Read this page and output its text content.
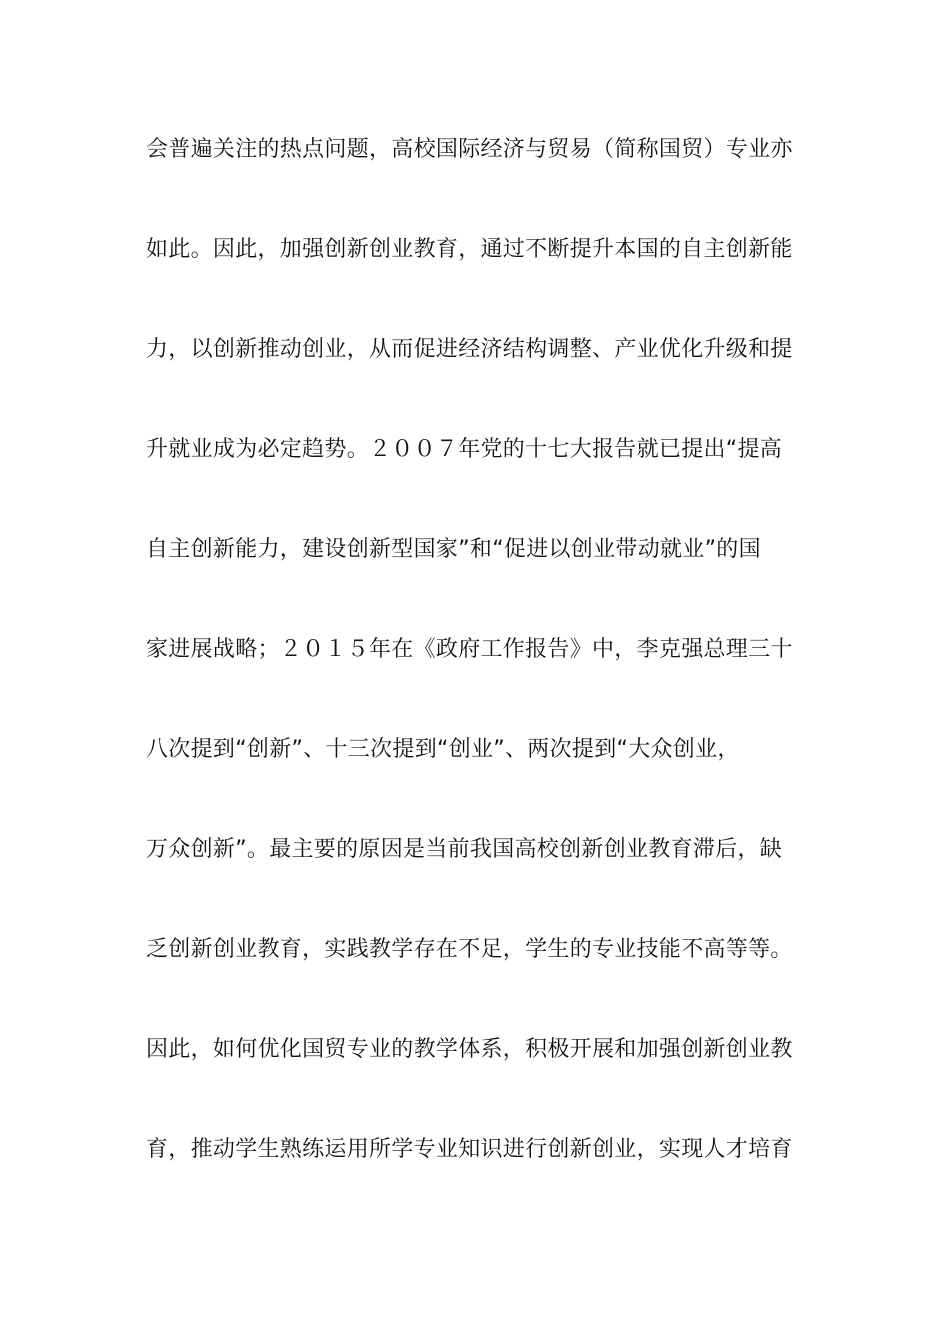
会普遍关注的热点问题，高校国际经济与贸易（简称国贸）专业亦
如此。因此，加强创新创业教育，通过不断提升本国的自主创新能
力，以创新推动创业，从而促进经济结构调整、产业优化升级和提
升就业成为必定趋势。２００７年党的十七大报告就已提出“提高
自主创新能力，建设创新型国家”和“促进以创业带动就业”的国
家进展战略；２０１５年在《政府工作报告》中，李克强总理三十
八次提到“创新”、十三次提到“创业”、两次提到“大众创业，
万众创新”。最主要的原因是当前我国高校创新创业教育滞后，缺
乏创新创业教育，实践教学存在不足，学生的专业技能不高等等。
因此，如何优化国贸专业的教学体系，积极开展和加强创新创业教
育，推动学生熟练运用所学专业知识进行创新创业，实现人才培育
